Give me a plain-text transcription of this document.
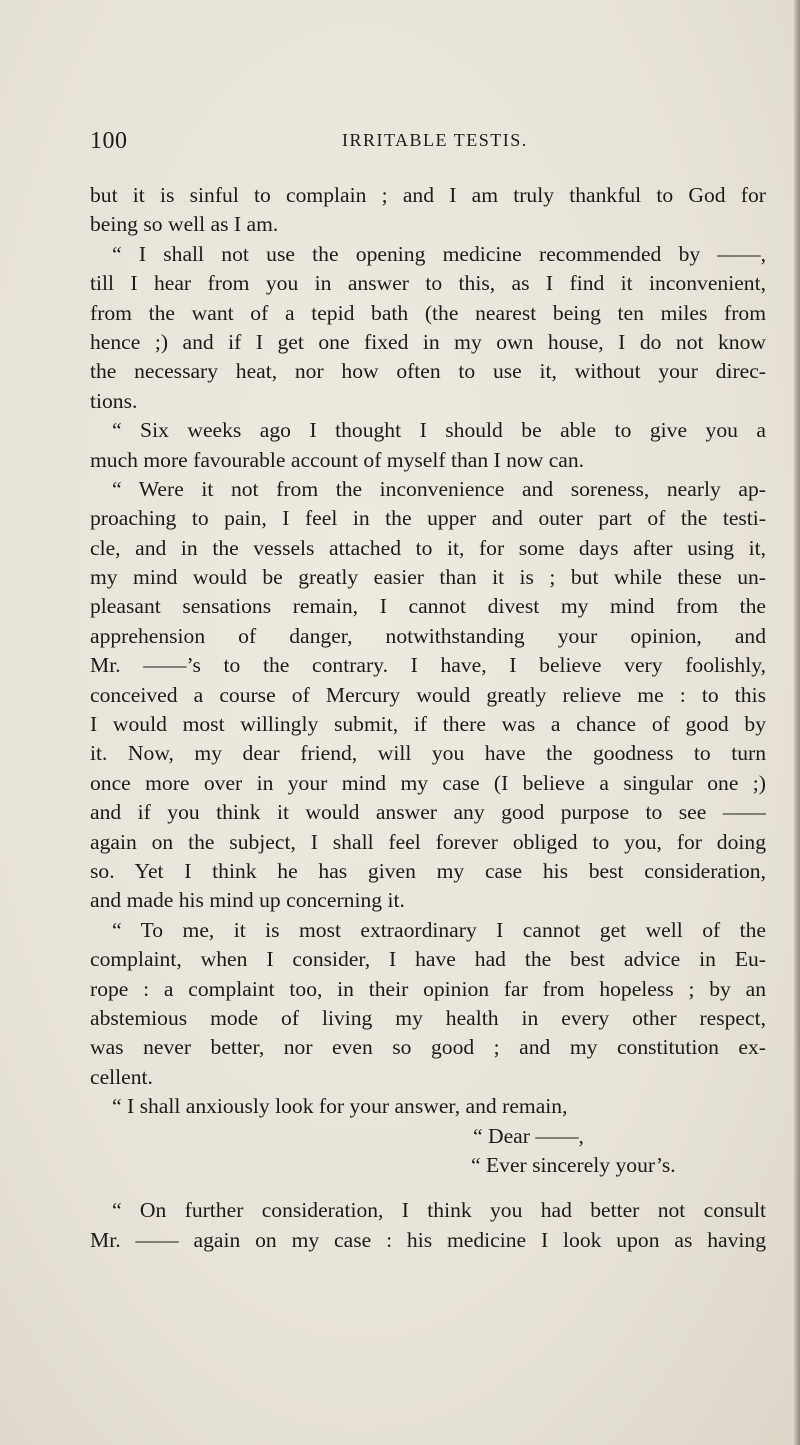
100	IRRITABLE TESTIS.
but it is sinful to complain ; and I am truly thankful to God for
being so well as I am.
“ I shall not use the opening medicine recommended by ——,
till I hear from you in answer to this, as I find it inconvenient,
from the want of a tepid bath (the nearest being ten miles from
hence ;) and if I get one fixed in my own house, I do not know
the necessary heat, nor how often to use it, without your direc-
tions.
“ Six weeks ago I thought I should be able to give you a
much more favourable account of myself than I now can.
“ Were it not from the inconvenience and soreness, nearly ap-
proaching to pain, I feel in the upper and outer part of the testi-
cle, and in the vessels attached to it, for some days after using it,
my mind would be greatly easier than it is ; but while these un-
pleasant sensations remain, I cannot divest my mind from the
apprehension of danger, notwithstanding your opinion, and
Mr. ——’s to the contrary. I have, I believe very foolishly,
conceived a course of Mercury would greatly relieve me : to this
I would most willingly submit, if there was a chance of good by
it. Now, my dear friend, will you have the goodness to turn
once more over in your mind my case (I believe a singular one ;)
and if you think it would answer any good purpose to see ——
again on the subject, I shall feel forever obliged to you, for doing
so. Yet I think he has given my case his best consideration,
and made his mind up concerning it.
“ To me, it is most extraordinary I cannot get well of the
complaint, when I consider, I have had the best advice in Eu-
rope : a complaint too, in their opinion far from hopeless ; by an
abstemious mode of living my health in every other respect,
was never better, nor even so good ; and my constitution ex-
cellent.
“ I shall anxiously look for your answer, and remain,
“ Dear ——,
“ Ever sincerely your’s.
“ On further consideration, I think you had better not consult
Mr. —— again on my case : his medicine I look upon as having
